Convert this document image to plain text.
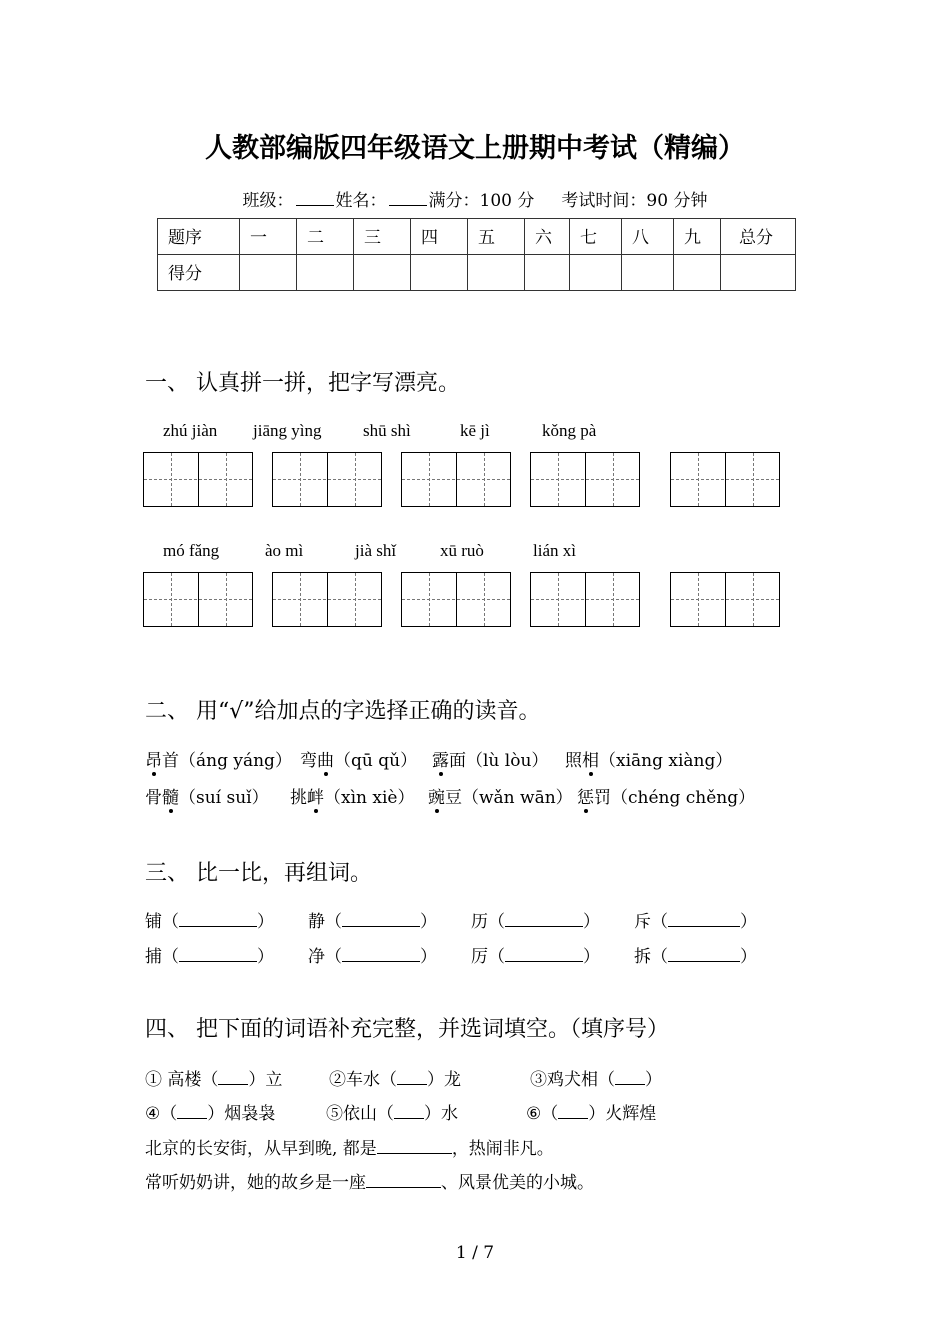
人教部编版四年级语文上册期中考试（精编）
班级： 姓名： 满分：100 分 考试时间：90 分钟
题序	一	二	三	四	五	六	七	八	九	总分
得分										
一、 认真拼一拼，把字写漂亮。
zhú jiàn jiāng yìng shū shì	kē jì	kǒng pà
mó fǎng	ào mì	jià shǐ	xū ruò	lián xì
二、 用“√”给加点的字选择正确的读音。
昂首（áng yáng） 弯曲（qū qǔ） 露面（lù lòu） 照相（xiāng xiàng）
骨髓（suí suǐ） 挑衅（xìn xiè） 豌豆（wǎn wān） 惩罚（chéng chěng）
三、 比一比，再组词。
铺（	） 静（	） 历（	） 斥（	）
捕（	） 净（	） 厉（	） 拆（	）
四、 把下面的词语补充完整，并选词填空。（填序号）
① 高楼（ ）立	②车水（ ）龙	③鸡犬相（ ）
④（ ）烟袅袅	⑤依山（ ）水	⑥（ ）火辉煌
北京的长安街，从早到晚, 都是	，热闹非凡。
常听奶奶讲，她的故乡是一座	、风景优美的小城。
1 / 7
